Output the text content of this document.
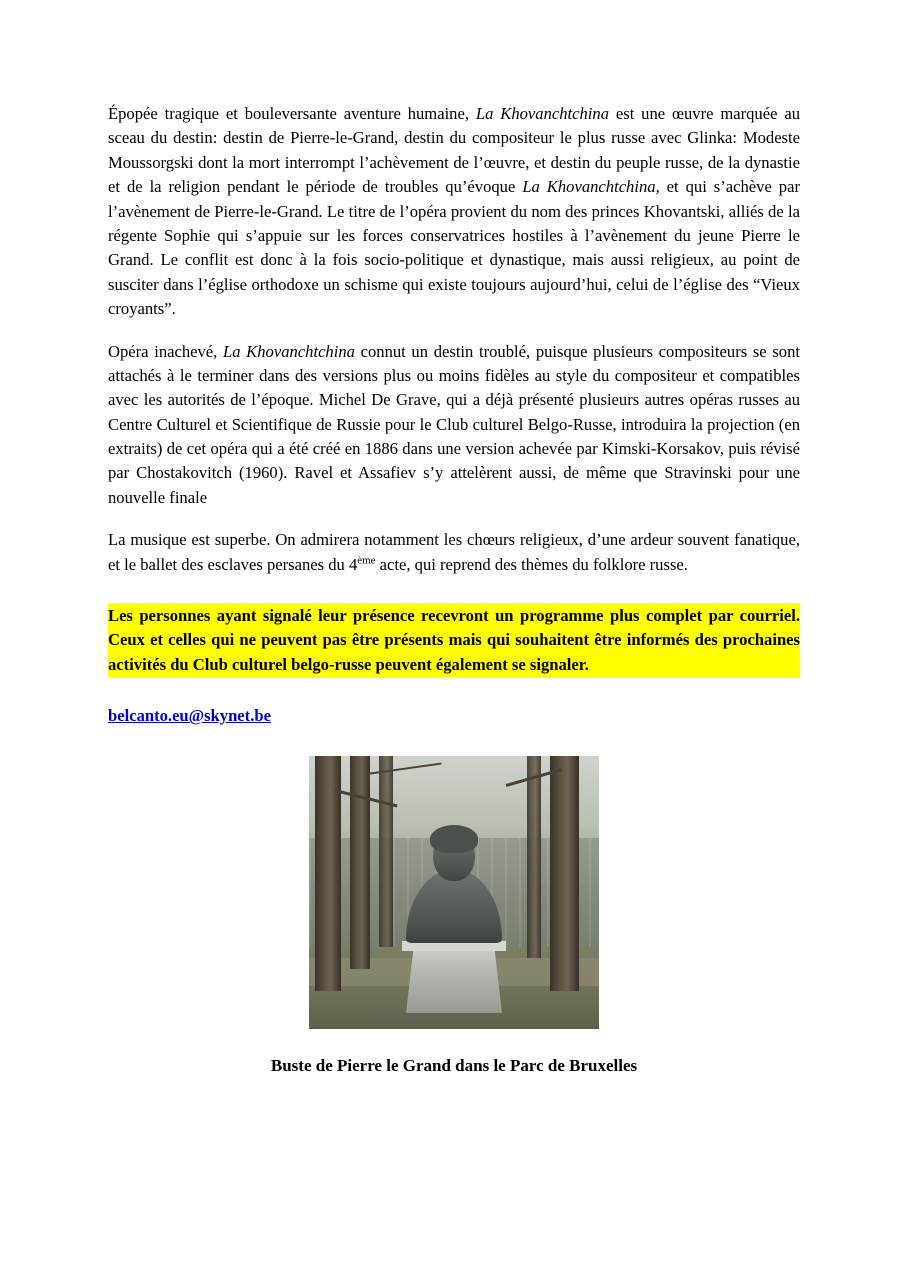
Épopée tragique et bouleversante aventure humaine, La Khovanchtchina est une œuvre marquée au sceau du destin: destin de Pierre-le-Grand, destin du compositeur le plus russe avec Glinka: Modeste Moussorgski dont la mort interrompt l’achèvement de l’œuvre, et destin du peuple russe, de la dynastie et de la religion pendant le période de troubles qu’évoque La Khovanchtchina, et qui s’achève par l’avènement de Pierre-le-Grand. Le titre de l’opéra provient du nom des princes Khovantski, alliés de la régente Sophie qui s’appuie sur les forces conservatrices hostiles à l’avènement du jeune Pierre le Grand. Le conflit est donc à la fois socio-politique et dynastique, mais aussi religieux, au point de susciter dans l’église orthodoxe un schisme qui existe toujours aujourd’hui, celui de l’église des “Vieux croyants”.

Opéra inachevé, La Khovanchtchina connut un destin troublé, puisque plusieurs compositeurs se sont attachés à le terminer dans des versions plus ou moins fidèles au style du compositeur et compatibles avec les autorités de l’époque. Michel De Grave, qui a déjà présenté plusieurs autres opéras russes au Centre Culturel et Scientifique de Russie pour le Club culturel Belgo-Russe, introduira la projection (en extraits) de cet opéra qui a été créé en 1886 dans une version achevée par Kimski-Korsakov, puis révisé par Chostakovitch (1960). Ravel et Assafiev s’y attelèrent aussi, de même que Stravinski pour une nouvelle finale

La musique est superbe. On admirera notamment les chœurs religieux, d’une ardeur souvent fanatique, et le ballet des esclaves persanes du 4ème acte, qui reprend des thèmes du folklore russe.

Les personnes ayant signalé leur présence recevront un programme plus complet par courriel. Ceux et celles qui ne peuvent pas être présents mais qui souhaitent être informés des prochaines activités du Club culturel belgo-russe peuvent également se signaler.

belcanto.eu@skynet.be
Buste de Pierre le Grand dans le Parc de Bruxelles
